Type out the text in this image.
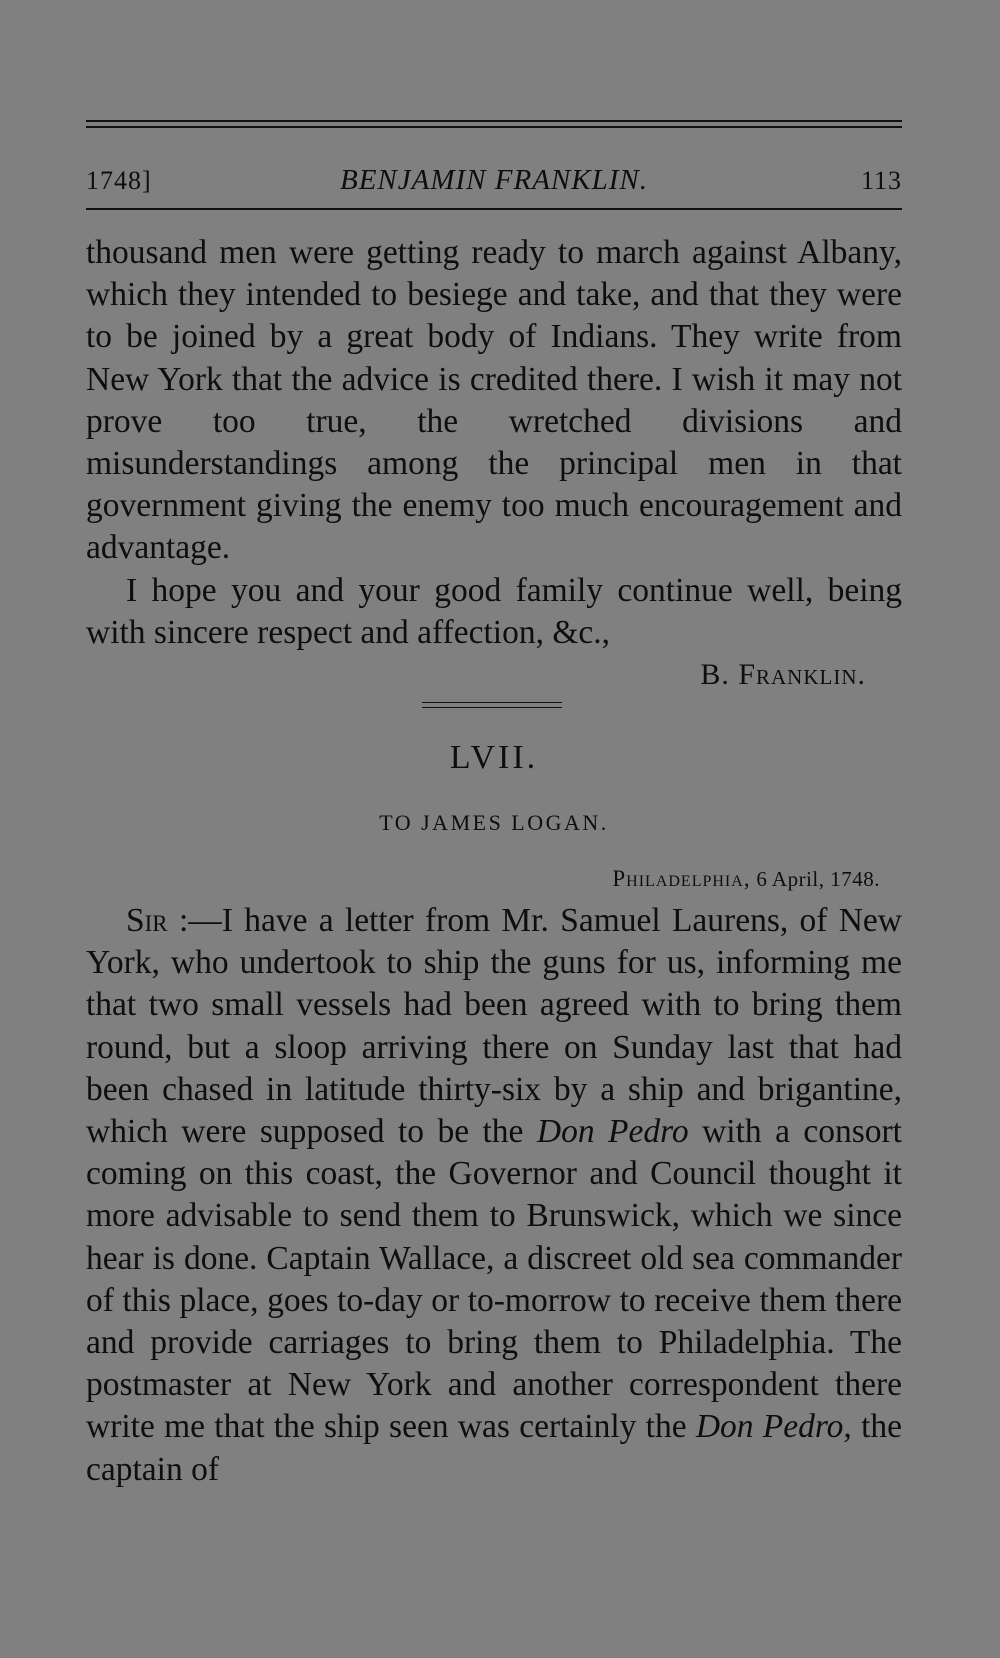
1748]	BENJAMIN FRANKLIN.	113

thousand men were getting ready to march against Albany, which they intended to besiege and take, and that they were to be joined by a great body of Indians. They write from New York that the advice is credited there. I wish it may not prove too true, the wretched divisions and misunderstandings among the principal men in that government giving the enemy too much encouragement and advantage.

I hope you and your good family continue well, being with sincere respect and affection, &c.,

B. Franklin.
LVII.
TO JAMES LOGAN.
Philadelphia, 6 April, 1748.

Sir :—I have a letter from Mr. Samuel Laurens, of New York, who undertook to ship the guns for us, informing me that two small vessels had been agreed with to bring them round, but a sloop arriving there on Sunday last that had been chased in latitude thirty-six by a ship and brigantine, which were supposed to be the Don Pedro with a consort coming on this coast, the Governor and Council thought it more advisable to send them to Brunswick, which we since hear is done. Captain Wallace, a discreet old sea commander of this place, goes to-day or to-morrow to receive them there and provide carriages to bring them to Philadelphia. The postmaster at New York and another correspondent there write me that the ship seen was certainly the Don Pedro, the captain of
